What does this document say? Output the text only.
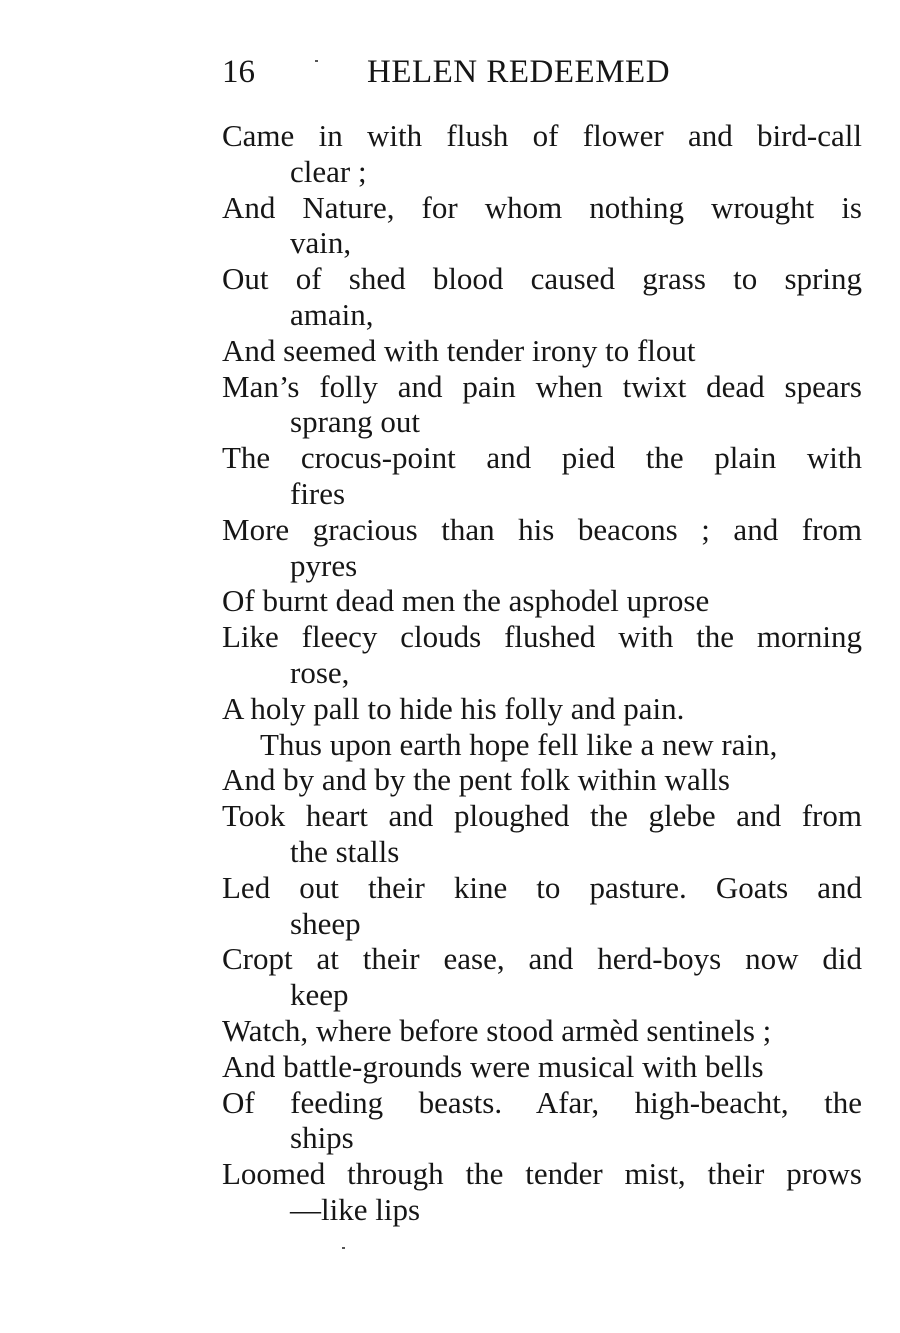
16	HELEN REDEEMED
Came in with flush of flower and bird-call
clear ;
And Nature, for whom nothing wrought is
vain,
Out of shed blood caused grass to spring
amain,
And seemed with tender irony to flout
Man’s folly and pain when twixt dead spears
sprang out
The crocus-point and pied the plain with
fires
More gracious than his beacons ; and from
pyres
Of burnt dead men the asphodel uprose
Like fleecy clouds flushed with the morning
rose,
A holy pall to hide his folly and pain.
Thus upon earth hope fell like a new rain,
And by and by the pent folk within walls
Took heart and ploughed the glebe and from
the stalls
Led out their kine to pasture. Goats and
sheep
Cropt at their ease, and herd-boys now did
keep
Watch, where before stood armèd sentinels ;
And battle-grounds were musical with bells
Of feeding beasts. Afar, high-beacht, the
ships
Loomed through the tender mist, their prows
—like lips
